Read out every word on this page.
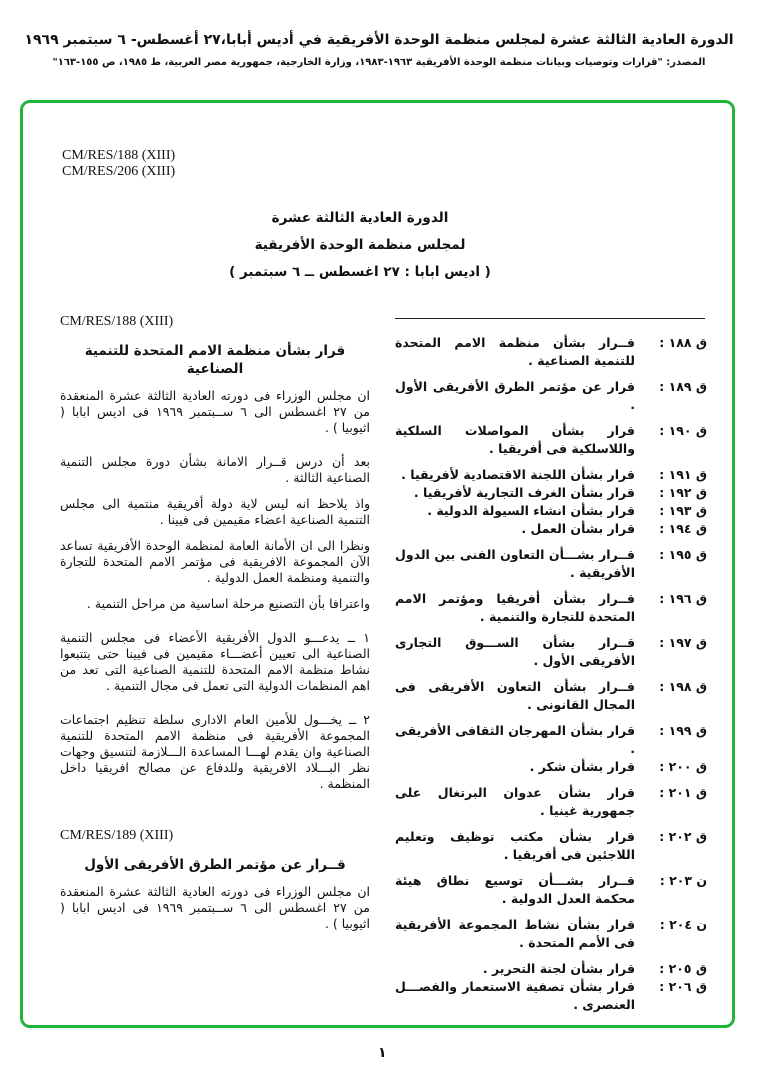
الدورة العادية الثالثة عشرة لمجلس منظمة الوحدة الأفريقية في أديس أبابا،٢٧ أغسطس- ٦ سبتمبر ١٩٦٩
المصدر: "قرارات وتوصيات وبيانات منظمة الوحدة الأفريقية ١٩٦٣-١٩٨٣، وزارة الخارجية، جمهورية مصر العربية، ط ١٩٨٥، ص ١٥٥-١٦٣"
CM/RES/188 (XIII)
CM/RES/206 (XIII)
الدورة العادية الثالثة عشرة
لمجلس منظمة الوحدة الأفريقية
( اديس ابابا : ٢٧ اغسطس ــ ٦ سبتمبر )
ق ١٨٨ :
قــرار بشأن منظمة الامم المتحدة للتنمية الصناعية .
ق ١٨٩ :
قرار عن مؤتمر الطرق الأفريقى الأول .
ق ١٩٠ :
قرار بشأن المواصلات السلكية واللاسلكية فى أفريقيا .
ق ١٩١ :
قرار بشأن اللجنة الاقتصادية لأفريقيا .
ق ١٩٢ :
قرار بشأن الغرف التجارية لأفريقيا .
ق ١٩٣ :
قرار بشأن انشاء السيولة الدولية .
ق ١٩٤ :
قرار بشأن العمل .
ق ١٩٥ :
قــرار بشـــأن التعاون الفنى بين الدول الأفريقية .
ق ١٩٦ :
قــرار بشأن أفريقيا ومؤتمر الامم المتحدة للتجارة والتنمية .
ق ١٩٧ :
قــرار بشأن الســـوق التجارى الأفريقى الأول .
ق ١٩٨ :
قــرار بشأن التعاون الأفريقى فى المجال القانونى .
ق ١٩٩ :
قرار بشأن المهرجان الثقافى الأفريقى .
ق ٢٠٠ :
قرار بشأن شكر .
ق ٢٠١ :
قرار بشأن عدوان البرتغال على جمهورية غينيا .
ق ٢٠٢ :
قرار بشأن مكتب توظيف وتعليم اللاجئين فى أفريقيا .
ن ٢٠٣ :
قــرار بشـــأن توسيع نطاق هيئة محكمة العدل الدولية .
ن ٢٠٤ :
قرار بشأن نشاط المجموعة الأفريقية فى الأمم المتحدة .
ق ٢٠٥ :
قرار بشأن لجنة التحرير .
ق ٢٠٦ :
قرار بشأن تصفية الاستعمار والفصـــل العنصرى .
CM/RES/188 (XIII)
قرار بشأن منظمة الامم المتحدة للتنمية الصناعية
ان مجلس الوزراء فى دورته العادية الثالثة عشرة المنعقدة من ٢٧ اغسطس الى ٦ ســبتمبر ١٩٦٩ فى اديس ابابا ( اثيوبيا ) .
بعد أن درس قــرار الامانة بشأن دورة مجلس التنمية الصناعية الثالثة .
واذ يلاحظ انه ليس لاية دولة أفريقية منتمية الى مجلس التنمية الصناعية اعضاء مقيمين فى فيينا .
ونظرا الى ان الأمانة العامة لمنظمة الوحدة الأفريقية تساعد الآن المجموعة الافريقية فى مؤتمر الامم المتحدة للتجارة والتنمية ومنظمة العمل الدولية .
واعترافا بأن التصنيع مرحلة اساسية من مراحل التنمية .
١ ــ يدعـــو الدول الأفريقية الأعضاء فى مجلس التنمية الصناعية الى تعيين أعضـــاء مقيمين فى فيينا حتى يتتبعوا نشاط منظمة الامم المتحدة للتنمية الصناعية التى تعد من اهم المنظمات الدولية التى تعمل فى مجال التنمية .
٢ ــ يخـــول للأمين العام الادارى سلطة تنظيم اجتماعات المجموعة الأفريقية فى منظمة الامم المتحدة للتنمية الصناعية وان يقدم لهـــا المساعدة الـــلازمة لتنسيق وجهات نظر البـــلاد الافريقية وللدفاع عن مصالح افريقيا داخل المنظمة .
CM/RES/189 (XIII)
قــرار عن مؤتمر الطرق الأفريقى الأول
ان مجلس الوزراء فى دورته العادية الثالثة عشرة المنعقدة من ٢٧ اغسطس الى ٦ ســبتمبر ١٩٦٩ فى اديس ابابا ( اثيوبيا ) .
١
